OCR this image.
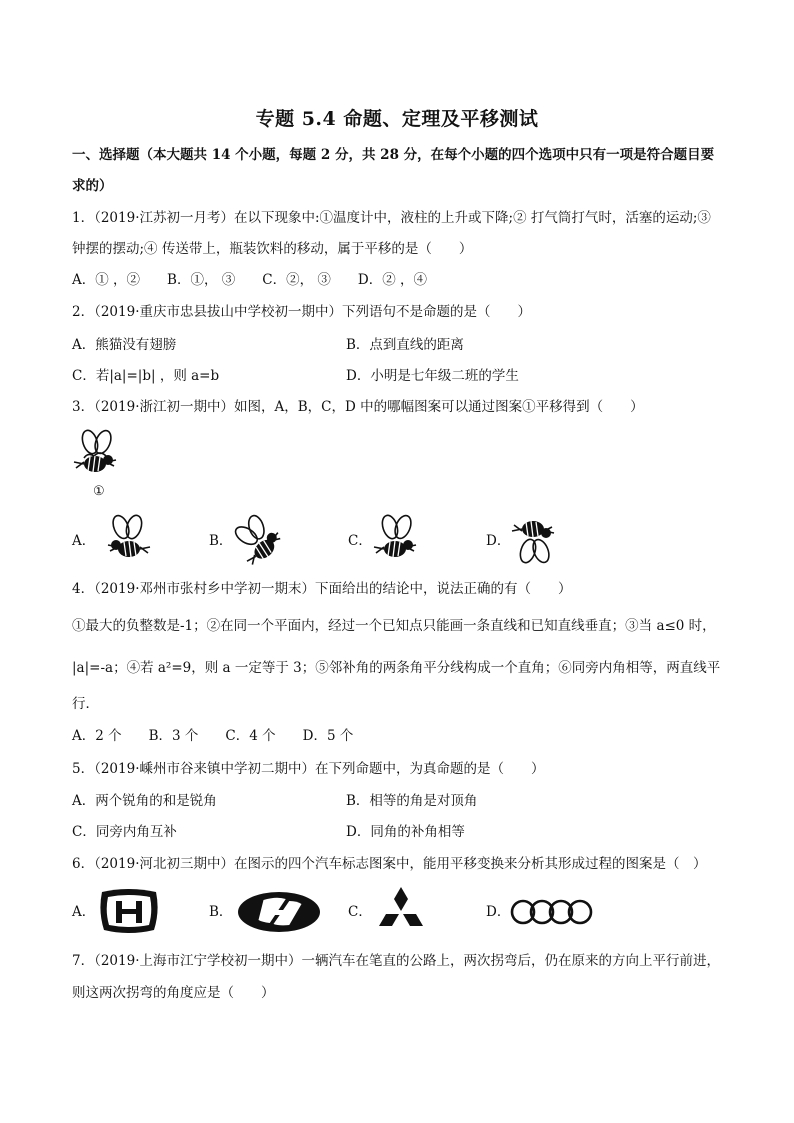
专题 5.4 命题、定理及平移测试
一、选择题（本大题共 14 个小题，每题 2 分，共 28 分，在每个小题的四个选项中只有一项是符合题目要
求的）
1．（2019·江苏初一月考）在以下现象中:①温度计中，液柱的上升或下降;② 打气筒打气时，活塞的运动;③
钟摆的摆动;④ 传送带上，瓶装饮料的移动，属于平移的是（　　）
A．① ，②　　B．①， ③　　C．②， ③　　D．② ，④
2．（2019·重庆市忠县拔山中学校初一期中）下列语句不是命题的是（　　）
A．熊猫没有翅膀	B．点到直线的距离
C．若|a|=|b| ，则 a=b	D．小明是七年级二班的学生
3．（2019·浙江初一期中）如图，A，B，C，D 中的哪幅图案可以通过图案①平移得到（　　）
①
A．	B．	C．	D．
4．（2019·邓州市张村乡中学初一期末）下面给出的结论中，说法正确的有（　　）
①最大的负整数是-1；②在同一个平面内，经过一个已知点只能画一条直线和已知直线垂直；③当 a≤0 时，
|a|=-a；④若 a²=9，则 a 一定等于 3；⑤邻补角的两条角平分线构成一个直角；⑥同旁内角相等，两直线平
行．
A．2 个　　B．3 个　　C．4 个　　D．5 个
5．（2019·嵊州市谷来镇中学初二期中）在下列命题中，为真命题的是（　　）
A．两个锐角的和是锐角	B．相等的角是对顶角
C．同旁内角互补	D．同角的补角相等
6．（2019·河北初三期中）在图示的四个汽车标志图案中，能用平移变换来分析其形成过程的图案是（　）
A．	B．	C．	D．
7．（2019·上海市江宁学校初一期中）一辆汽车在笔直的公路上，两次拐弯后，仍在原来的方向上平行前进，
则这两次拐弯的角度应是（　　）
